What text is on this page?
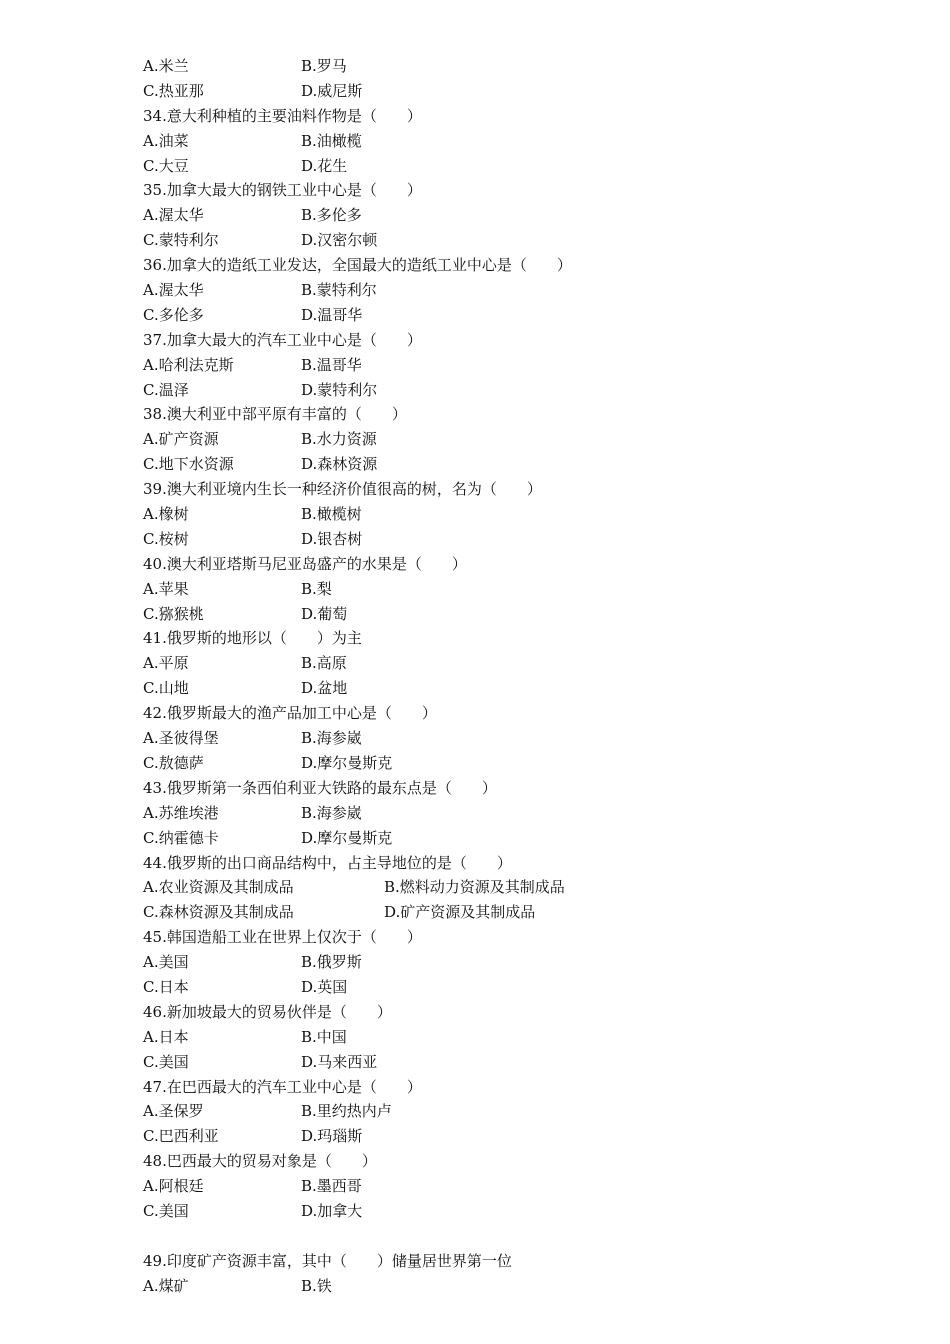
A.米兰	B.罗马
C.热亚那	D.威尼斯
34.意大利种植的主要油料作物是（　　）
A.油菜	B.油橄榄
C.大豆	D.花生
35.加拿大最大的钢铁工业中心是（　　）
A.渥太华	B.多伦多
C.蒙特利尔	D.汉密尔顿
36.加拿大的造纸工业发达，全国最大的造纸工业中心是（　　）
A.渥太华	B.蒙特利尔
C.多伦多	D.温哥华
37.加拿大最大的汽车工业中心是（　　）
A.哈利法克斯	B.温哥华
C.温泽	D.蒙特利尔
38.澳大利亚中部平原有丰富的（　　）
A.矿产资源	B.水力资源
C.地下水资源	D.森林资源
39.澳大利亚境内生长一种经济价值很高的树，名为（　　）
A.橡树	B.橄榄树
C.桉树	D.银杏树
40.澳大利亚塔斯马尼亚岛盛产的水果是（　　）
A.苹果	B.梨
C.猕猴桃	D.葡萄
41.俄罗斯的地形以（　　）为主
A.平原	B.高原
C.山地	D.盆地
42.俄罗斯最大的渔产品加工中心是（　　）
A.圣彼得堡	B.海参崴
C.敖德萨	D.摩尔曼斯克
43.俄罗斯第一条西伯利亚大铁路的最东点是（　　）
A.苏维埃港	B.海参崴
C.纳霍德卡	D.摩尔曼斯克
44.俄罗斯的出口商品结构中，占主导地位的是（　　）
A.农业资源及其制成品	B.燃料动力资源及其制成品
C.森林资源及其制成品	D.矿产资源及其制成品
45.韩国造船工业在世界上仅次于（　　）
A.美国	B.俄罗斯
C.日本	D.英国
46.新加坡最大的贸易伙伴是（　　）
A.日本	B.中国
C.美国	D.马来西亚
47.在巴西最大的汽车工业中心是（　　）
A.圣保罗	B.里约热内卢
C.巴西利亚	D.玛瑙斯
48.巴西最大的贸易对象是（　　）
A.阿根廷	B.墨西哥
C.美国	D.加拿大
49.印度矿产资源丰富，其中（　　）储量居世界第一位
A.煤矿	B.铁
